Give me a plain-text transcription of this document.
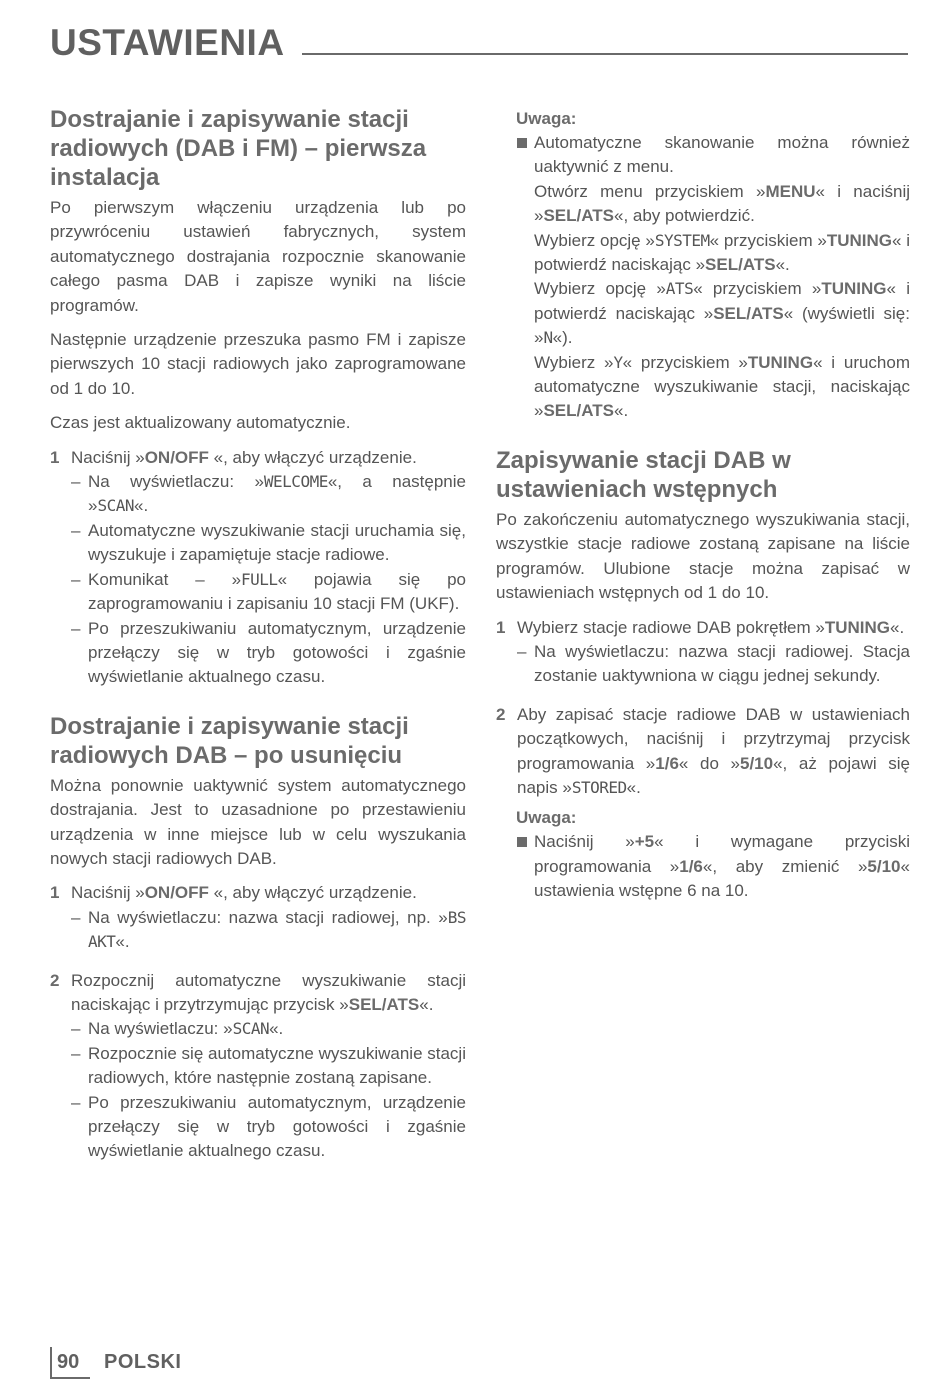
USTAWIENIA
Dostrajanie i zapisywanie stacji radiowych (DAB i FM) – pierwsza instalacja

Po pierwszym włączeniu urządzenia lub po przywróceniu ustawień fabrycznych, system automatycznego dostrajania rozpocznie skanowanie całego pasma DAB i zapisze wyniki na liście programów.

Następnie urządzenie przeszuka pasmo FM i zapisze pierwszych 10 stacji radiowych jako zaprogramowane od 1 do 10.

Czas jest aktualizowany automatycznie.

1 Naciśnij »ON/OFF «, aby włączyć urządzenie.
– Na wyświetlaczu: »WELCOME«, a następnie »SCAN«.
– Automatyczne wyszukiwanie stacji uruchamia się, wyszukuje i zapamiętuje stacje radiowe.
– Komunikat – »FULL« pojawia się po zaprogramowaniu i zapisaniu 10 stacji FM (UKF).
– Po przeszukiwaniu automatycznym, urządzenie przełączy się w tryb gotowości i zgaśnie wyświetlanie aktualnego czasu.
Dostrajanie i zapisywanie stacji radiowych DAB – po usunięciu

Można ponownie uaktywnić system automatycznego dostrajania. Jest to uzasadnione po przestawieniu urządzenia w inne miejsce lub w celu wyszukania nowych stacji radiowych DAB.

1 Naciśnij »ON/OFF «, aby włączyć urządzenie.
– Na wyświetlaczu: nazwa stacji radiowej, np. »BS AKT«.
2 Rozpocznij automatyczne wyszukiwanie stacji naciskając i przytrzymując przycisk »SEL/ATS«.
– Na wyświetlaczu: »SCAN«.
– Rozpocznie się automatyczne wyszukiwanie stacji radiowych, które następnie zostaną zapisane.
– Po przeszukiwaniu automatycznym, urządzenie przełączy się w tryb gotowości i zgaśnie wyświetlanie aktualnego czasu.
Uwaga:
Automatyczne skanowanie można również uaktywnić z menu.
Otwórz menu przyciskiem »MENU« i naciśnij »SEL/ATS«, aby potwierdzić.
Wybierz opcję »SYSTEM« przyciskiem »TUNING« i potwierdź naciskając »SEL/ATS«.
Wybierz opcję »ATS« przyciskiem »TUNING« i potwierdź naciskając »SEL/ATS« (wyświetli się: »N«).
Wybierz »Y« przyciskiem »TUNING« i uruchom automatyczne wyszukiwanie stacji, naciskając »SEL/ATS«.
Zapisywanie stacji DAB w ustawieniach wstępnych

Po zakończeniu automatycznego wyszukiwania stacji, wszystkie stacje radiowe zostaną zapisane na liście programów. Ulubione stacje można zapisać w ustawieniach wstępnych od 1 do 10.

1 Wybierz stacje radiowe DAB pokrętłem »TUNING«.
– Na wyświetlaczu: nazwa stacji radiowej. Stacja zostanie uaktywniona w ciągu jednej sekundy.
2 Aby zapisać stacje radiowe DAB w ustawieniach początkowych, naciśnij i przytrzymaj przycisk programowania »1/6« do »5/10«, aż pojawi się napis »STORED«.
Uwaga:
Naciśnij »+5« i wymagane przyciski programowania »1/6«, aby zmienić »5/10« ustawienia wstępne 6 na 10.
90 POLSKI
